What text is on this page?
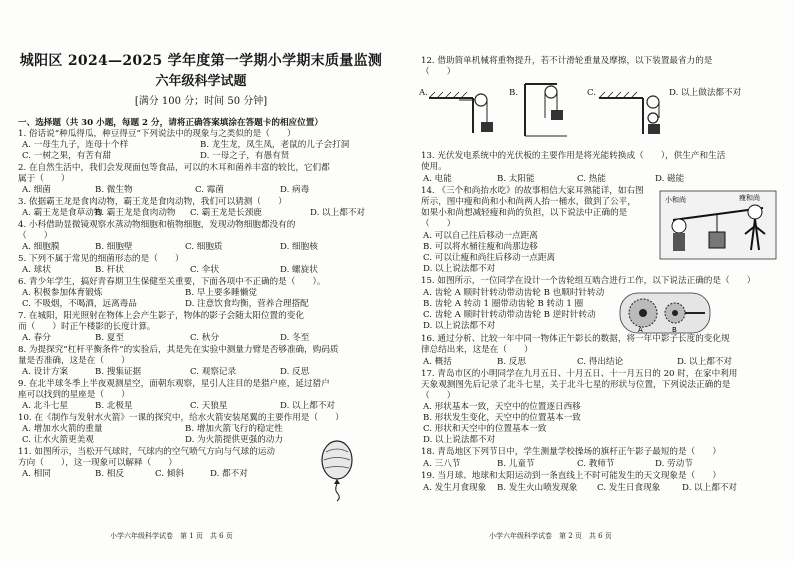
城阳区 2024—2025 学年度第一学期小学期末质量监测
六年级科学试题
[满分 100 分；时间 50 分钟]
一、选择题（共 30 小题，每题 2 分，请将正确答案填涂在答题卡的相应位置）
1. 俗话说“种瓜得瓜，种豆得豆”下列说法中的现象与之类似的是（　　）
A. 一母生九子，连母十个样	B. 龙生龙，凤生凤，老鼠的儿子会打洞
C. 一树之果，有苦有甜	D. 一母之子，有愚有贤
2. 在自然生活中，我们会发现面包等食品，可以的木耳和菌养丰富的较比，它们都
属于（　　）
A. 细菌	B. 微生物	C. 霉菌	D. 病毒
3. 依据霸王龙是食肉动物，霸王龙是食肉动物，我们可以猜测（　　）
A. 霸王龙是食草动物
B. 霸王龙是食肉动物 C. 霸王龙是长颈鹿	D. 以上都不对
4. 小科借助显微镜观察水蒸动物细胞和植物细胞，发现动物细胞都没有的
（　　）
A. 细胞膜	B. 细胞壁	C. 细胞质	D. 细胞核
5. 下列不属于常见的细菌形态的是（　　）
A. 球状	B. 杆状	C. 伞状	D. 螺旋状
6. 青少年学生，搞好青春期卫生保健至关重要，下面各项中不正确的是（　　）。
A. 积极参加体育锻炼	B. 早上要多睡懒觉
C. 不吸烟，不喝酒，远离毒品	D. 注意饮食均衡，营养合理搭配
7. 在城阳，阳光照射在物体上会产生影子，物体的影子会随太阳位置的变化
而（　　）时正午楼影的长度计算。
A. 春分	B. 夏至	C. 秋分	D. 冬至
8. 为提探究“杠杆平衡条件”的实验后，其是先在实验中测量力臂是否够准确，购码质
量是否准确，这是在（　　）
A. 设计方案	B. 搜集证据	C. 观察记录	D. 反思
9. 在北半球冬季上半夜观测星空，面朝东观察，星引人注目的是猎户座，延过猎户
座可以找到的星座是（　　）
A. 北斗七星	B. 北极星	C. 天狼星	D. 以上都不对
10. 在《制作与发射水火箭》一课的探究中，给水火箭安装尾翼的主要作用是（　　）
A. 增加水火箭的重量	B. 增加火箭飞行的稳定性
C. 让水火箭更美观	D. 为火箭提供更强的动力
11. 如图所示，当松开气球时，气球内的空气喷气方向与气球的运动
方向（　　），这一现象可以解释（　　）
A. 相同	B. 相反	C. 倾斜	D. 都不对
小学六年级科学试卷　第 1 页　共 6 页
12. 借助简单机械将重物提升，若不计滑轮重量及摩擦，以下装置最省力的是
（　　）
A.	B.	C.	D. 以上做法都不对
13. 光伏发电系统中的光伏板的主要作用是将光能转换成（　　），供生产和生活
使用。
A. 电能	B. 太阳能	C. 热能	D. 磁能
14. 《三个和尚抬水吃》的故事相信大家耳熟能详，如右图
所示，图中瘦和尚和小和尚两人抬一桶水，做到了公平，
如果小和尚想减轻瘦和尚的负担，以下说法中正确的是
（　　）
A. 可以自己往后移动一点距离
B. 可以将水桶往瘦和尚那边移
C. 可以让瘦和尚往后移动一点距离
D. 以上说法都不对
15. 如图所示，一位同学在设计一个齿轮组互啮合进行工作，以下说法正确的是（　　）
A. 齿轮 A 顺时针转动带动齿轮 B 也顺时针转动
B. 齿轮 A 转动 1 圈带动齿轮 B 转动 1 圈
C. 齿轮 A 顺时针转动带动齿轮 B 逆时针转动
D. 以上说法都不对
16. 通过分析、比较一年中同一物体正午影长的数据，将一年中影子长度的变化规
律总结出来，这是在（　　）
A. 概括	B. 反思	C. 得出结论	D. 以上都不对
17. 青岛市区的小明同学在九月五日、十月五日、十一月五日的 20 时，在家中利用
天象观测图先后记录了北斗七星，关于北斗七星的形状与位置，下列说法正确的是
（　　）
A. 形状基本一致，天空中的位置逐日西移
B. 形状发生变化，天空中的位置基本一致
C. 形状和天空中的位置基本一致
D. 以上说法都不对
18. 青岛地区下列节日中，学生测量学校操场的旗杆正午影子最短的是（　　）
A. 三八节	B. 儿童节	C. 教师节	D. 劳动节
19. 当月球、地球和太阳运动到一条直线上不时可能发生的天文现象是（　　）
A. 发生月食现象 B. 发生火山喷发现象 C. 发生日食现象	D. 以上都不对
小和尚	瘦和尚
A	B
小学六年级科学试卷　第 2 页　共 6 页
